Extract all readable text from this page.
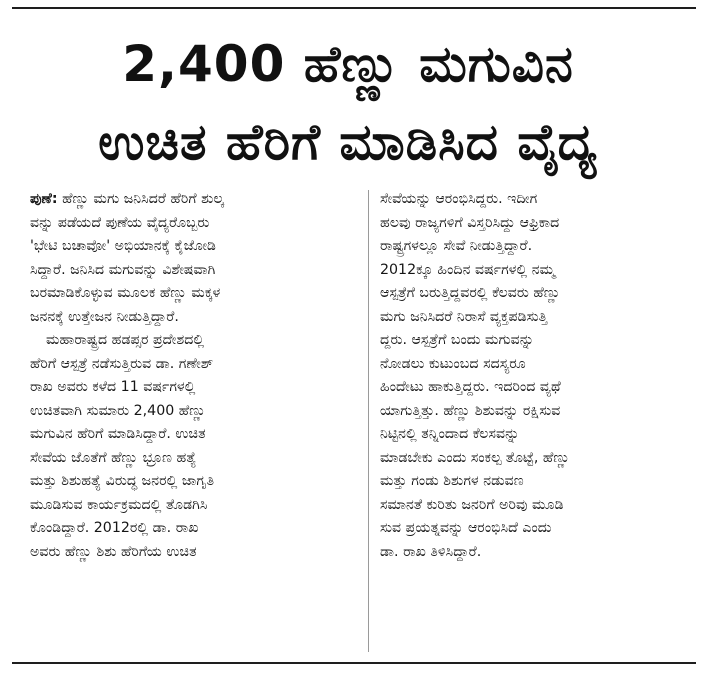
2,400 ಹೆಣ್ಣು ಮಗುವಿನ
ಉಚಿತ ಹೆರಿಗೆ ಮಾಡಿಸಿದ ವೈದ್ಯ
ಪುಣೆ: ಹೆಣ್ಣು ಮಗು ಜನಿಸಿದರೆ ಹೆರಿಗೆ ಶುಲ್ಕ
ವನ್ನು ಪಡೆಯದೆ ಪುಣೆಯ ವೈದ್ಯರೊಬ್ಬರು
'ಭೇಟಿ ಬಚಾವೋ' ಅಭಿಯಾನಕ್ಕೆ ಕೈಜೋಡಿ
ಸಿದ್ದಾರೆ. ಜನಿಸಿದ ಮಗುವನ್ನು ವಿಶೇಷವಾಗಿ
ಬರಮಾಡಿಕೊಳ್ಳುವ ಮೂಲಕ ಹೆಣ್ಣು ಮಕ್ಕಳ
ಜನನಕ್ಕೆ ಉತ್ತೇಜನ ನೀಡುತ್ತಿದ್ದಾರೆ.
ಮಹಾರಾಷ್ಟ್ರದ ಹಡಪ್ಸರ ಪ್ರದೇಶದಲ್ಲಿ
ಹೆರಿಗೆ ಆಸ್ಪತ್ರೆ ನಡೆಸುತ್ತಿರುವ ಡಾ. ಗಣೇಶ್
ರಾಖ ಅವರು ಕಳೆದ 11 ವರ್ಷಗಳಲ್ಲಿ
ಉಚಿತವಾಗಿ ಸುಮಾರು 2,400 ಹೆಣ್ಣು
ಮಗುವಿನ ಹೆರಿಗೆ ಮಾಡಿಸಿದ್ದಾರೆ. ಉಚಿತ
ಸೇವೆಯ ಜೊತೆಗೆ ಹೆಣ್ಣು ಭ್ರೂಣ ಹತ್ಯೆ
ಮತ್ತು ಶಿಶುಹತ್ಯೆ ವಿರುದ್ಧ ಜನರಲ್ಲಿ ಜಾಗೃತಿ
ಮೂಡಿಸುವ ಕಾರ್ಯಕ್ರಮದಲ್ಲಿ ತೊಡಗಿಸಿ
ಕೊಂಡಿದ್ದಾರೆ. 2012ರಲ್ಲಿ ಡಾ. ರಾಖ
ಅವರು ಹೆಣ್ಣು ಶಿಶು ಹೆರಿಗೆಯ ಉಚಿತ
ಸೇವೆಯನ್ನು ಆರಂಭಿಸಿದ್ದರು. ಇದೀಗ
ಹಲವು ರಾಜ್ಯಗಳಿಗೆ ವಿಸ್ತರಿಸಿದ್ದು ಆಫ್ರಿಕಾದ
ರಾಷ್ಟ್ರಗಳಲ್ಲೂ ಸೇವೆ ನೀಡುತ್ತಿದ್ದಾರೆ.
2012ಕ್ಕೂ ಹಿಂದಿನ ವರ್ಷಗಳಲ್ಲಿ ನಮ್ಮ
ಆಸ್ಪತ್ರೆಗೆ ಬರುತ್ತಿದ್ದವರಲ್ಲಿ ಕೆಲವರು ಹೆಣ್ಣು
ಮಗು ಜನಿಸಿದರೆ ನಿರಾಸೆ ವ್ಯಕ್ತಪಡಿಸುತ್ತಿ
ದ್ದರು. ಆಸ್ಪತ್ರೆಗೆ ಬಂದು ಮಗುವನ್ನು
ನೋಡಲು ಕುಟುಂಬದ ಸದಸ್ಯರೂ
ಹಿಂದೇಟು ಹಾಕುತ್ತಿದ್ದರು. ಇದರಿಂದ ವ್ಯಥೆ
ಯಾಗುತ್ತಿತ್ತು. ಹೆಣ್ಣು ಶಿಶುವನ್ನು ರಕ್ಷಿಸುವ
ನಿಟ್ಟಿನಲ್ಲಿ ತನ್ನಿಂದಾದ ಕೆಲಸವನ್ನು
ಮಾಡಬೇಕು ಎಂದು ಸಂಕಲ್ಪ ತೊಟ್ಟೆ, ಹೆಣ್ಣು
ಮತ್ತು ಗಂಡು ಶಿಶುಗಳ ನಡುವಣ
ಸಮಾನತೆ ಕುರಿತು ಜನರಿಗೆ ಅರಿವು ಮೂಡಿ
ಸುವ ಪ್ರಯತ್ನವನ್ನು ಆರಂಭಿಸಿದೆ ಎಂದು
ಡಾ. ರಾಖ ತಿಳಿಸಿದ್ದಾರೆ.
